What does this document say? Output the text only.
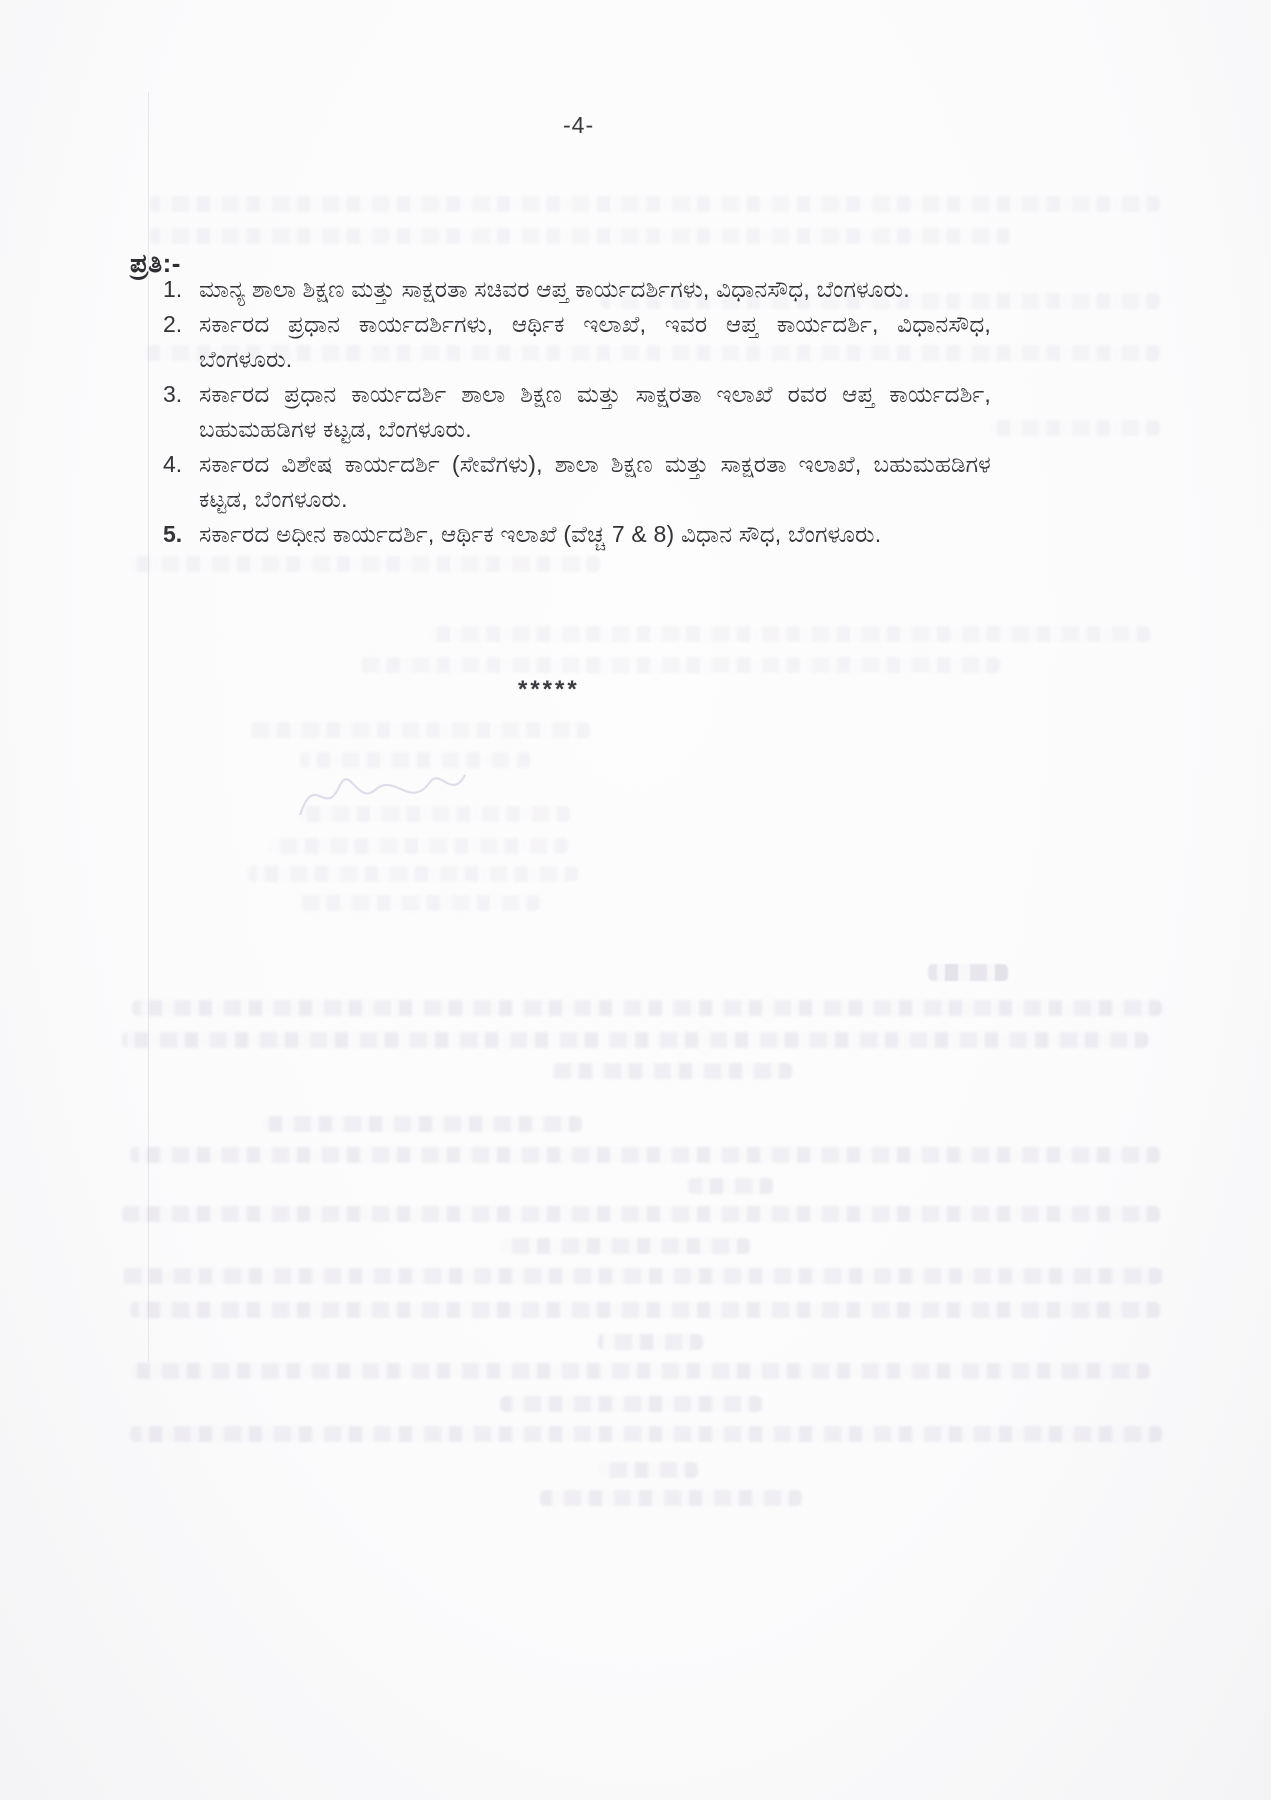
-4-
ಪ್ರತಿ:-
1. ಮಾನ್ಯ ಶಾಲಾ ಶಿಕ್ಷಣ ಮತ್ತು ಸಾಕ್ಷರತಾ ಸಚಿವರ ಆಪ್ತ ಕಾರ್ಯದರ್ಶಿಗಳು, ವಿಧಾನಸೌಧ, ಬೆಂಗಳೂರು.
2. ಸರ್ಕಾರದ ಪ್ರಧಾನ ಕಾರ್ಯದರ್ಶಿಗಳು, ಆರ್ಥಿಕ ಇಲಾಖೆ, ಇವರ ಆಪ್ತ ಕಾರ್ಯದರ್ಶಿ, ವಿಧಾನಸೌಧ, ಬೆಂಗಳೂರು.
3. ಸರ್ಕಾರದ ಪ್ರಧಾನ ಕಾರ್ಯದರ್ಶಿ ಶಾಲಾ ಶಿಕ್ಷಣ ಮತ್ತು ಸಾಕ್ಷರತಾ ಇಲಾಖೆ ರವರ ಆಪ್ತ ಕಾರ್ಯದರ್ಶಿ, ಬಹುಮಹಡಿಗಳ ಕಟ್ಟಡ, ಬೆಂಗಳೂರು.
4. ಸರ್ಕಾರದ ವಿಶೇಷ ಕಾರ್ಯದರ್ಶಿ (ಸೇವೆಗಳು), ಶಾಲಾ ಶಿಕ್ಷಣ ಮತ್ತು ಸಾಕ್ಷರತಾ ಇಲಾಖೆ, ಬಹುಮಹಡಿಗಳ ಕಟ್ಟಡ, ಬೆಂಗಳೂರು.
5. ಸರ್ಕಾರದ ಅಧೀನ ಕಾರ್ಯದರ್ಶಿ, ಆರ್ಥಿಕ ಇಲಾಖೆ (ವೆಚ್ಚ 7 & 8) ವಿಧಾನ ಸೌಧ, ಬೆಂಗಳೂರು.
*****
